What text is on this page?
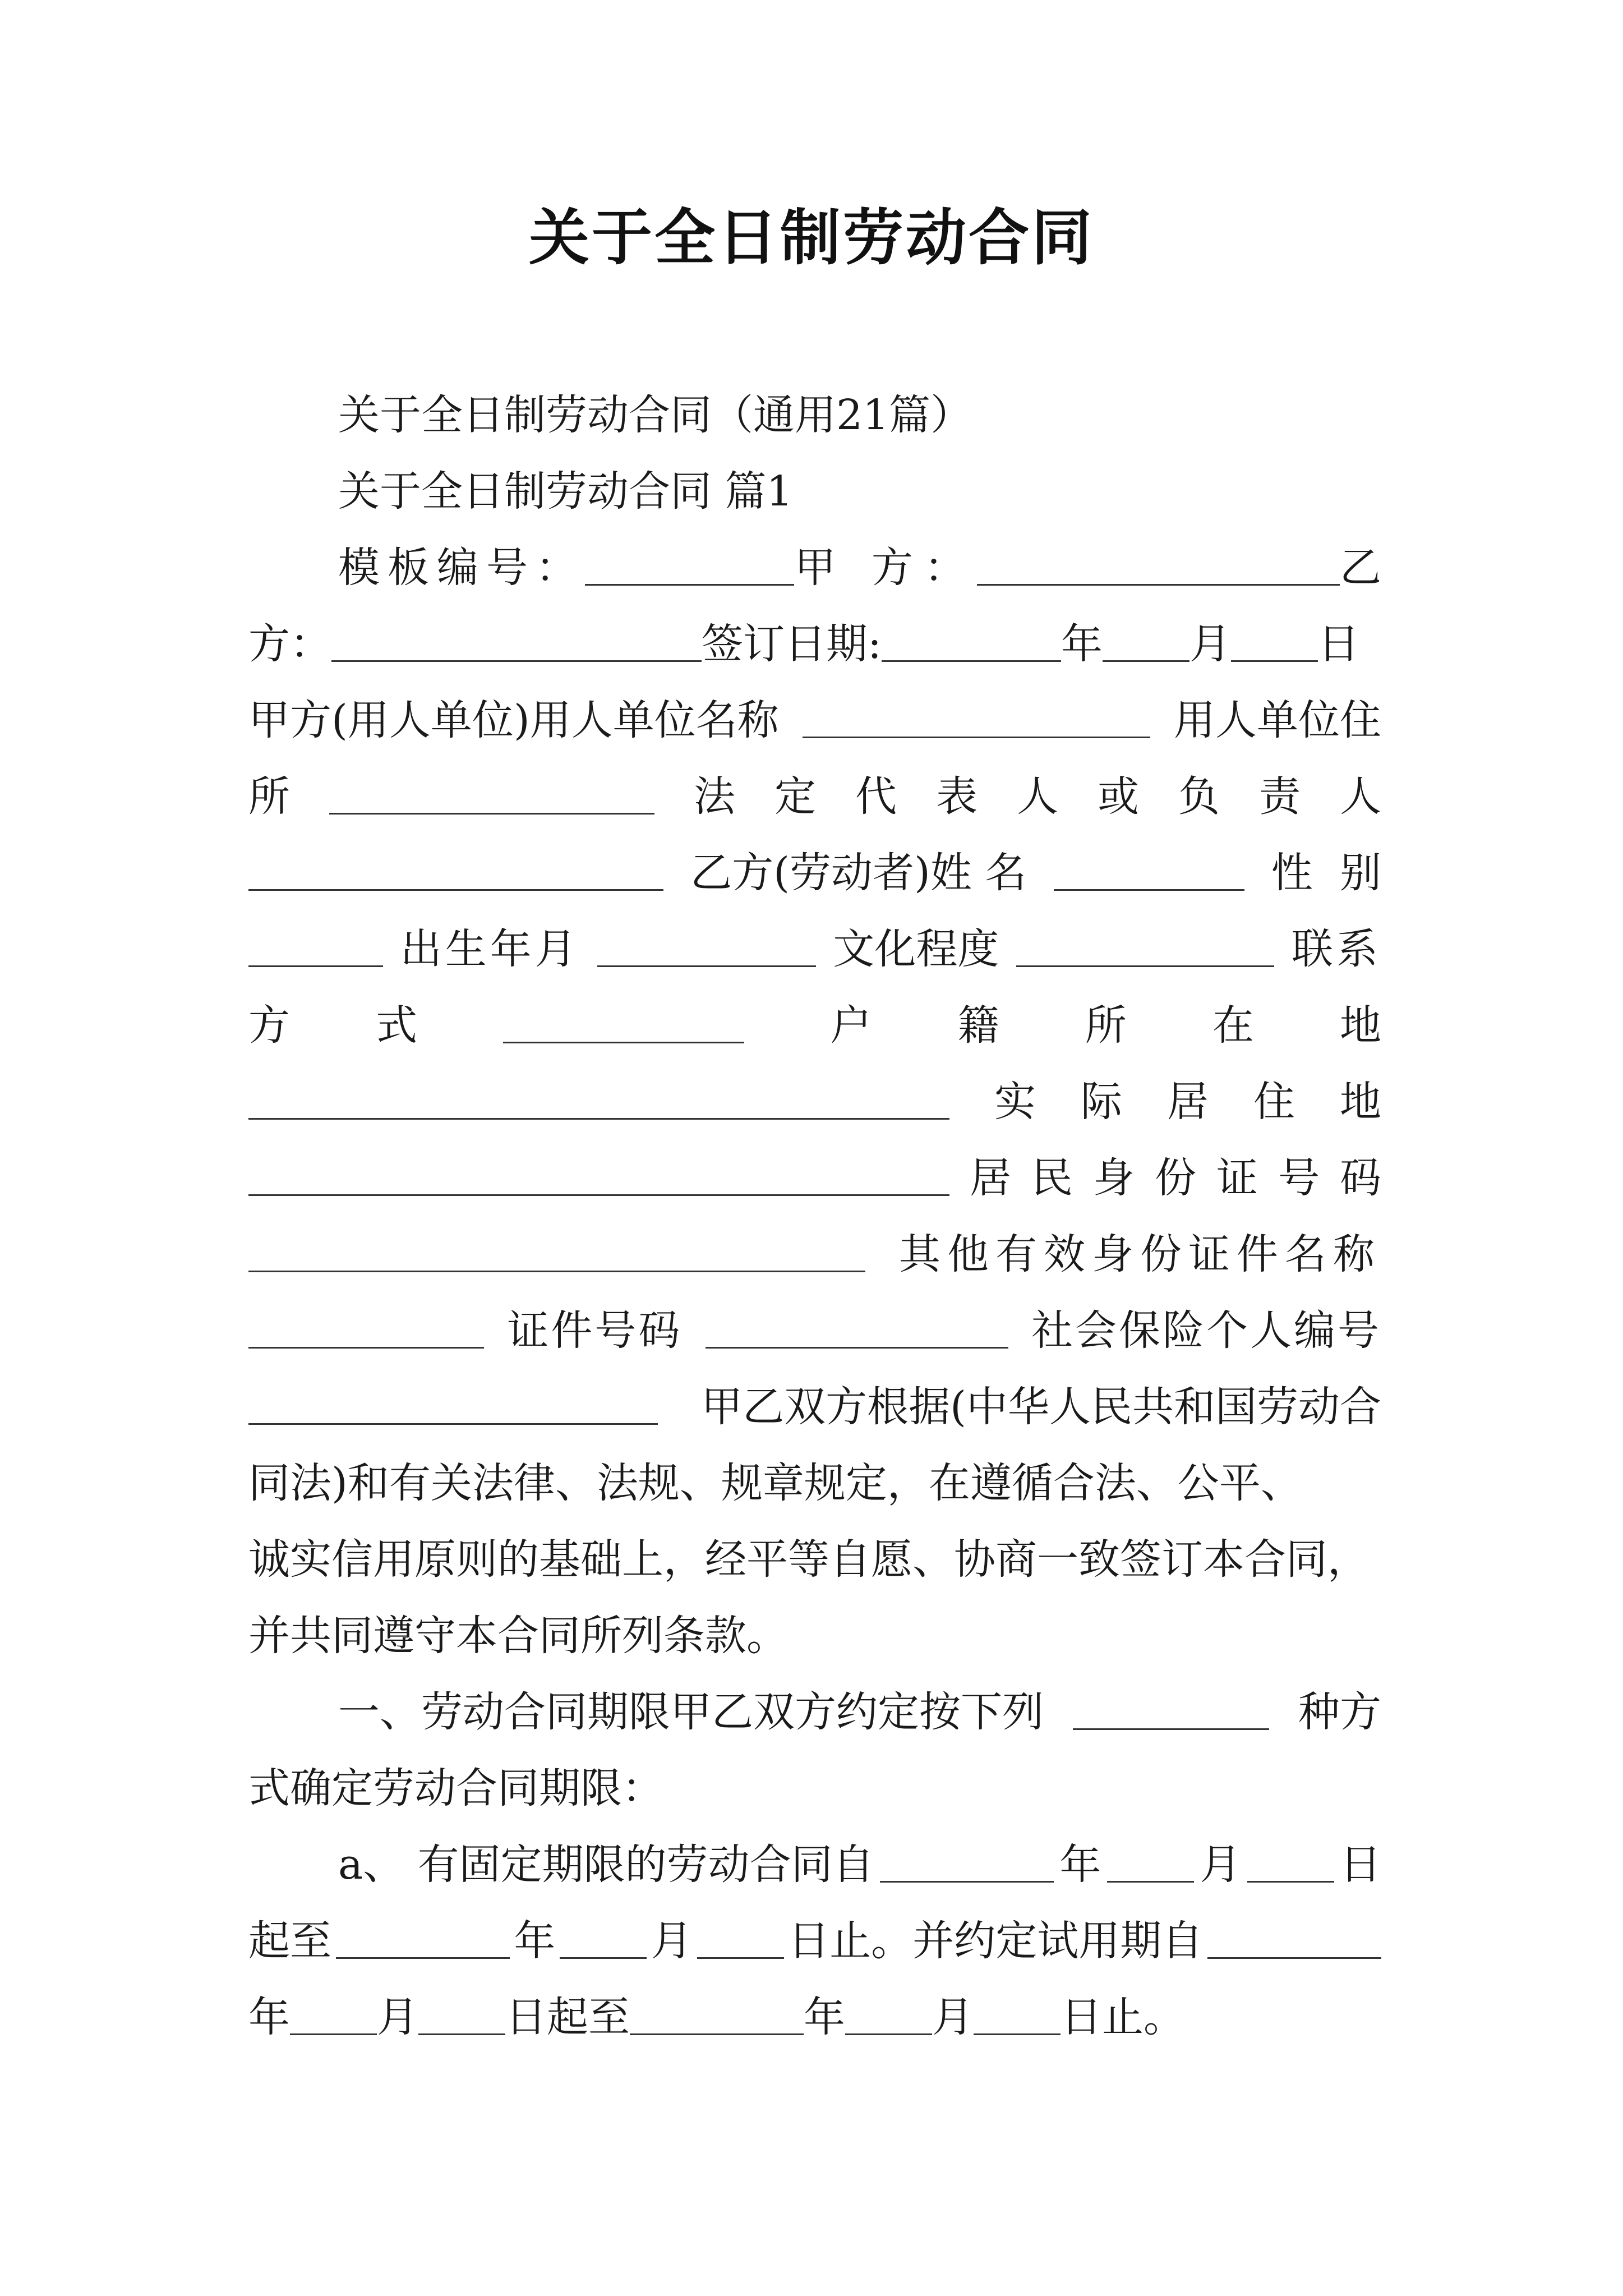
关于全日制劳动合同
关于全日制劳动合同（通用21篇）
关于全日制劳动合同 篇1
模板编号：	甲 方：	乙
方：	签订日期:	年 月 日
甲方(用人单位)用人单位名称	用人单位住
所	法 定 代 表 人 或 负 责 人
乙方(劳动者)姓 名	性 别
出生年月	文化程度	联系
方 式	户 籍 所 在 地
实 际 居 住 地
居 民 身 份 证 号 码
其他有效身份证件名称
证件号码	社会保险个人编号
甲乙双方根据(中华人民共和国劳动合
同法)和有关法律、法规、规章规定，在遵循合法、公平、
诚实信用原则的基础上，经平等自愿、协商一致签订本合同，
并共同遵守本合同所列条款。
一、劳动合同期限甲乙双方约定按下列	种方
式确定劳动合同期限：
a、 有固定期限的劳动合同自	年 月 日
起至	年 月 日止。并约定试用期自
年 月 日起至	年 月 日止。
